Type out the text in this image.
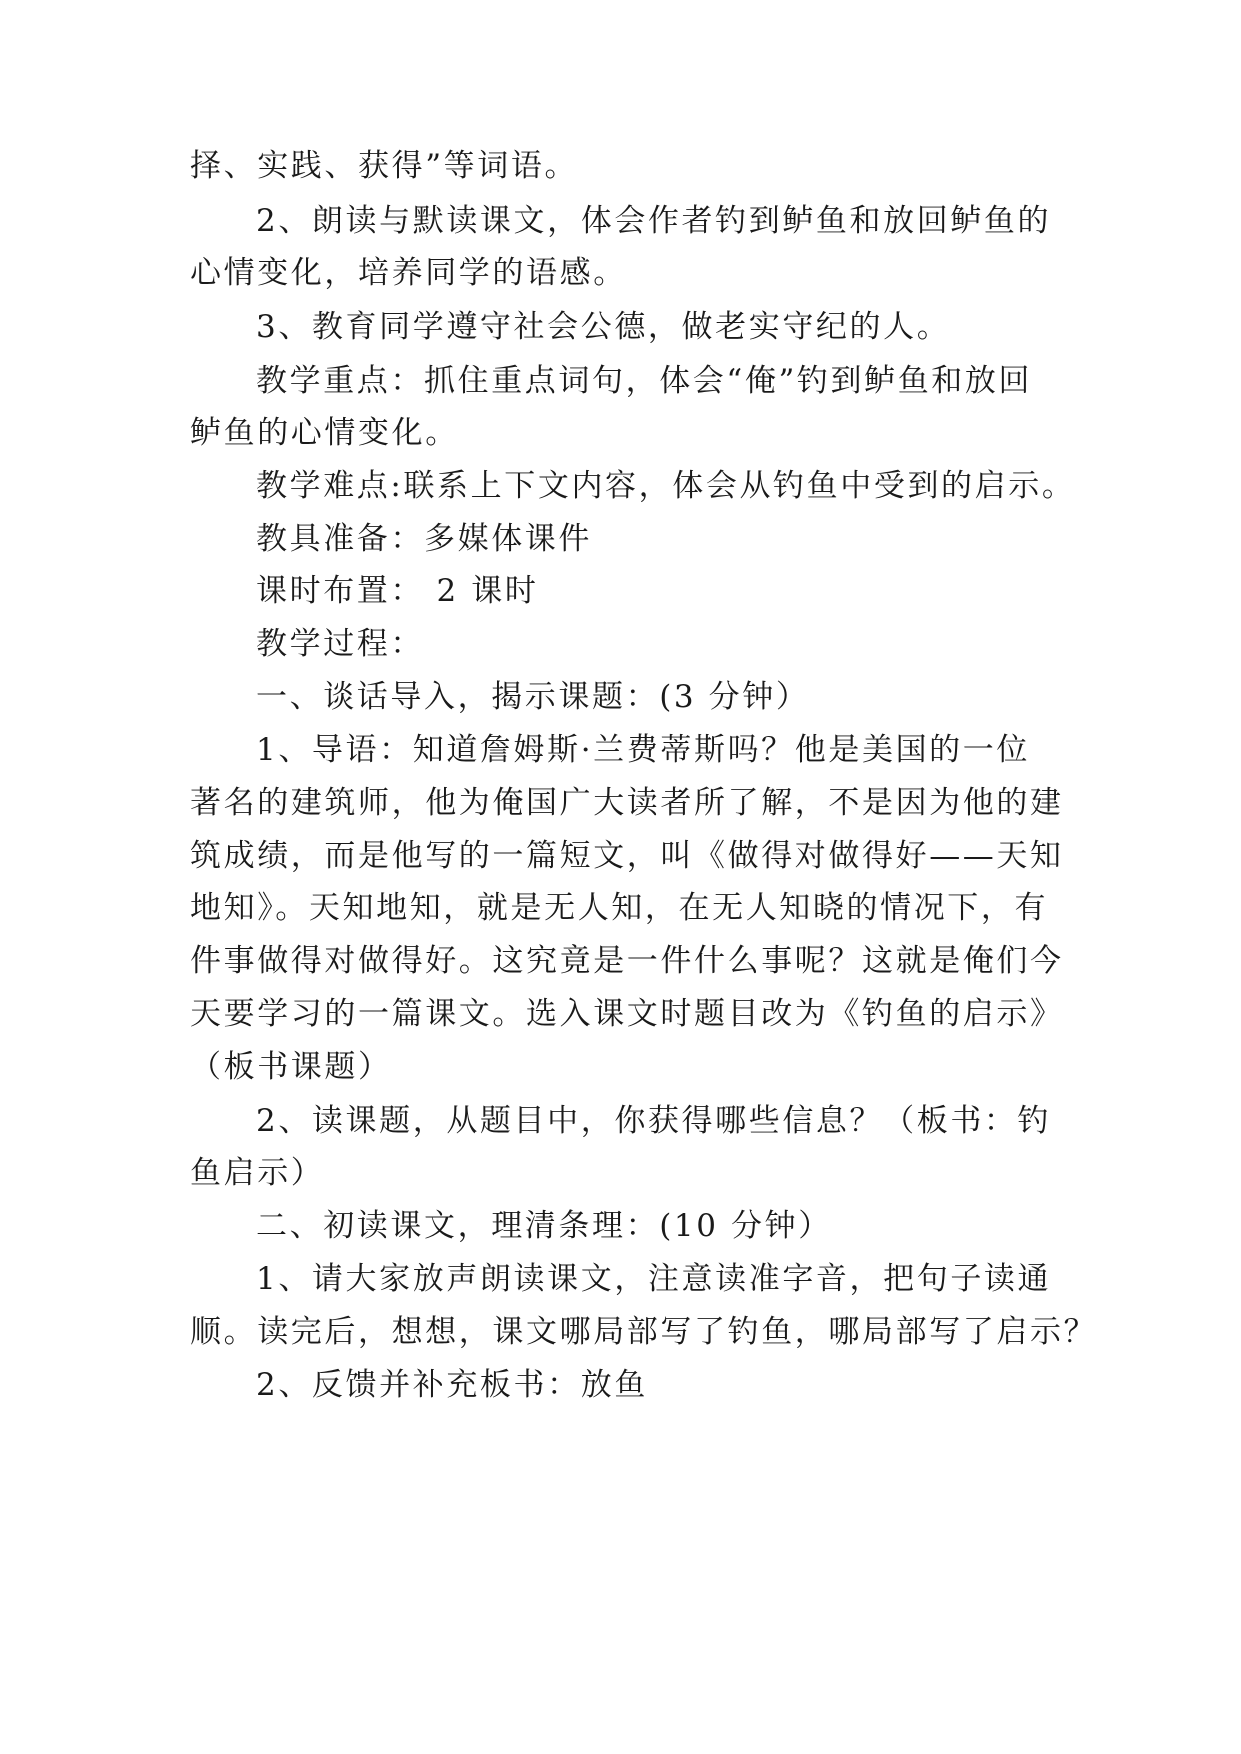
择、实践、获得”等词语。

2、朗读与默读课文，体会作者钓到鲈鱼和放回鲈鱼的

心情变化，培养同学的语感。

3、教育同学遵守社会公德，做老实守纪的人。

教学重点：抓住重点词句，体会“俺”钓到鲈鱼和放回

鲈鱼的心情变化。

教学难点:联系上下文内容，体会从钓鱼中受到的启示。

教具准备：多媒体课件

课时布置： 2 课时

教学过程：

一、谈话导入，揭示课题：(3 分钟）

1、导语：知道詹姆斯·兰费蒂斯吗？他是美国的一位

著名的建筑师，他为俺国广大读者所了解，不是因为他的建

筑成绩，而是他写的一篇短文，叫《做得对做得好——天知

地知》。天知地知，就是无人知，在无人知晓的情况下，有

件事做得对做得好。这究竟是一件什么事呢？这就是俺们今

天要学习的一篇课文。选入课文时题目改为《钓鱼的启示》

（板书课题）

2、读课题，从题目中，你获得哪些信息？（板书：钓

鱼启示）

二、初读课文，理清条理：(10 分钟）

1、请大家放声朗读课文，注意读准字音，把句子读通

顺。读完后，想想，课文哪局部写了钓鱼，哪局部写了启示？

2、反馈并补充板书：放鱼
